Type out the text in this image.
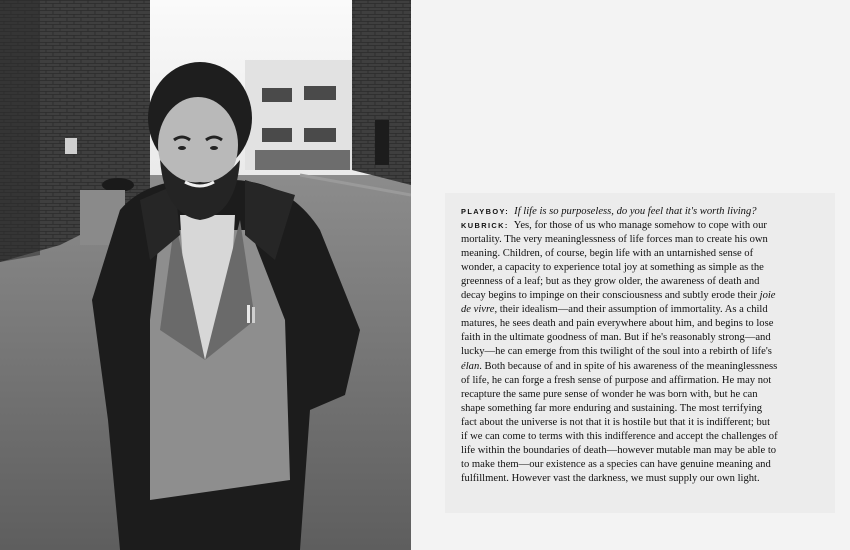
PLAYBOY: If life is so purposeless, do you feel that it's worth living?
KUBRICK: Yes, for those of us who manage somehow to cope with our
mortality. The very meaninglessness of life forces man to create his own
meaning. Children, of course, begin life with an untarnished sense of
wonder, a capacity to experience total joy at something as simple as the
greenness of a leaf; but as they grow older, the awareness of death and
decay begins to impinge on their consciousness and subtly erode their joie
de vivre, their idealism—and their assumption of immortality. As a child
matures, he sees death and pain everywhere about him, and begins to lose
faith in the ultimate goodness of man. But if he's reasonably strong—and
lucky—he can emerge from this twilight of the soul into a rebirth of life's
élan. Both because of and in spite of his awareness of the meaninglessness
of life, he can forge a fresh sense of purpose and affirmation. He may not
recapture the same pure sense of wonder he was born with, but he can
shape something far more enduring and sustaining. The most terrifying
fact about the universe is not that it is hostile but that it is indifferent; but
if we can come to terms with this indifference and accept the challenges of
life within the boundaries of death—however mutable man may be able to
to make them—our existence as a species can have genuine meaning and
fulfillment. However vast the darkness, we must supply our own light.
